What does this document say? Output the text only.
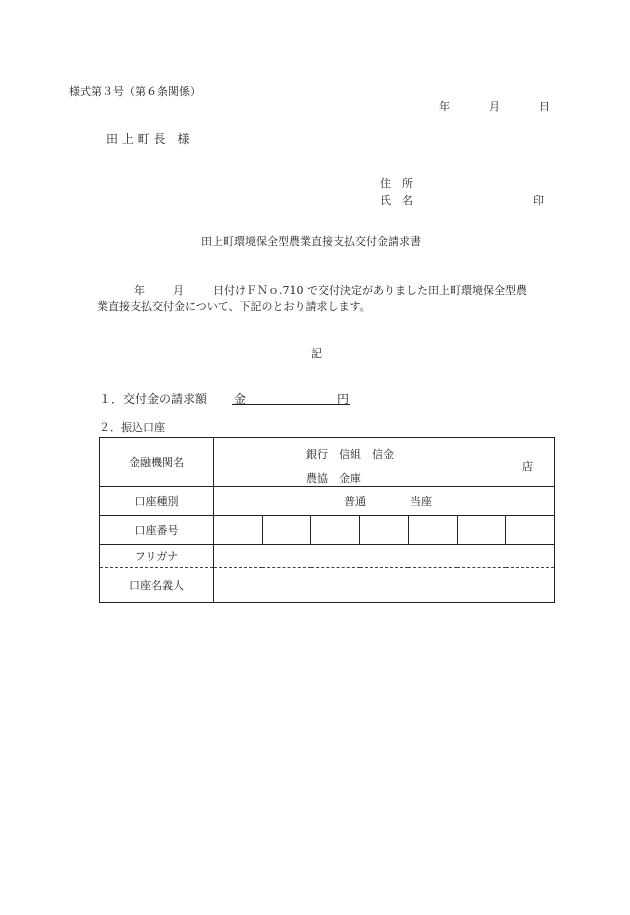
様式第３号（第６条関係）
年	月	日
田 上 町 長　様
住　所
氏　名	印
田上町環境保全型農業直接支払交付金請求書
年	月	日付けＦＮｏ.710 で交付決定がありました田上町環境保全型農
業直接支払交付金について、下記のとおり請求します。
記
１．交付金の請求額 金	円
２．振込口座
金融機関名	銀行　信組　信金
農協　金庫
店						

口座種別	普通　　　　当座						
口座番号							
フリガナ							
口座名義人							
